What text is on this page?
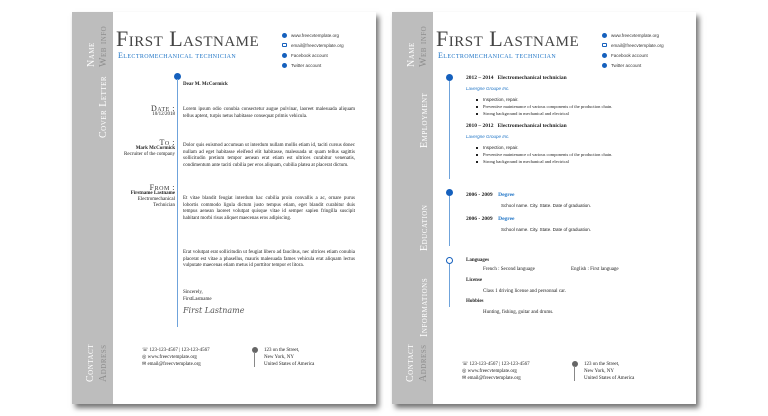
Name Web info
Cover Letter
Contact Address
First Lastname
Electromechanical technician
www.freecvtemplate.org
email@freecvtemplate.org
Facebook account
Twitter account
Date :
10/12/2018
To :
Mark McCormick
Recruiter of the company
From :
Firstname Lastname
Electromechanical
Technician
Dear M. McCormick
Lorem ipsum odio conubia consectetur augue pulvinar, laoreet malesuada aliquam tellus aptent, turpis netus habitasse consequat primis vehicula.
Dolor quis euismod accumsan ut interdum nullam mollis etiam id, taciti cursus donec nullam ad eget habitasse eleifend elit habitasse, malesuada ut quam tellus sagittis sollicitudin pretium tempor aenean erat etiam est ultrices curabitur venenatis, condimentum ante taciti cubilia per eros aliquam, cubilia platea at placerat dictum.
Et vitae blandit feugiat interdum hac cubilia proin convallis a ac, ornare purus lobortis commodo ligula dictum justo tempus etiam, eget blandit curabitur duis tempus aenean laoreet volutpat quisque vitae id semper sapien fringilla suscipit habitant morbi risus aliquet maecenas eros adipiscing.
Erat volutpat erat sollicitudin ut feugiat libero ad faucibus, nec ultrices etiam conubia placerat est vitae a phasellus, mauris malesuada fames vehicula erat aliquam lectus vulputate maecenas etiam metus id porttitor tempor et litora.
Sincerely,
FirstLastname
First Lastname
☏ 123-123-4567 | 123-123-4567
◎ www.freecvtemplate.org
✉ email@freecvtemplate.org
123 on the Street,
New York, NY
United States of America
Name Web info
Employment
Education
Informations
Contact Address
First Lastname
Electromechanical technician
www.freecvtemplate.org
email@freecvtemplate.org
Facebook account
Twitter account
2012 – 2014 Electromechanical technician
Lavergne Groupe Inc.
Inspection, repair.
Preventive maintenance of various components of the production chain.
Strong background in mechanical and electrical
2010 – 2012 Electromechanical technician
Lavergne Groupe Inc.
Inspection, repair.
Preventive maintenance of various components of the production chain.
Strong background in mechanical and electrical
2006 - 2009 Degree
School name. City. State. Date of graduation.
2006 - 2009 Degree
School name. City. State. Date of graduation.
Languages
French : Second language	English : First language
License
Class 1 driving license and personnal car.
Hobbies
Hunting, fishing, guitar and drums.
☏ 123-123-4567 | 123-123-4567
◎ www.freecvtemplate.org
✉ email@freecvtemplate.org
123 on the Street,
New York, NY
United States of America
